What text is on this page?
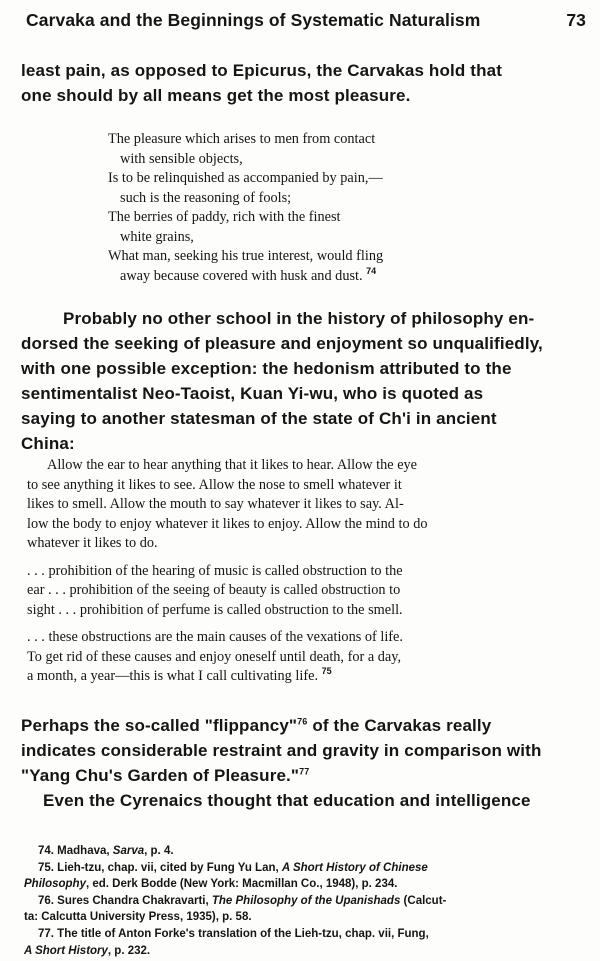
Carvaka and the Beginnings of Systematic Naturalism	73
least pain, as opposed to Epicurus, the Carvakas hold that
one should by all means get the most pleasure.
The pleasure which arises to men from contact
with sensible objects,
Is to be relinquished as accompanied by pain,—
such is the reasoning of fools;
The berries of paddy, rich with the finest
white grains,
What man, seeking his true interest, would fling
away because covered with husk and dust. $^{74}$
Probably no other school in the history of philosophy en-
dorsed the seeking of pleasure and enjoyment so unqualifiedly,
with one possible exception: the hedonism attributed to the
sentimentalist Neo-Taoist, Kuan Yi-wu, who is quoted as
saying to another statesman of the state of Ch'i in ancient
China:
Allow the ear to hear anything that it likes to hear. Allow the eye
to see anything it likes to see. Allow the nose to smell whatever it
likes to smell. Allow the mouth to say whatever it likes to say. Al-
low the body to enjoy whatever it likes to enjoy. Allow the mind to do
whatever it likes to do.
. . . prohibition of the hearing of music is called obstruction to the
ear . . . prohibition of the seeing of beauty is called obstruction to
sight . . . prohibition of perfume is called obstruction to the smell.
. . . these obstructions are the main causes of the vexations of life.
To get rid of these causes and enjoy oneself until death, for a day,
a month, a year—this is what I call cultivating life. $^{75}$
Perhaps the so-called "flippancy"$^{76}$ of the Carvakas really
indicates considerable restraint and gravity in comparison with
"Yang Chu's Garden of Pleasure."$^{77}$
Even the Cyrenaics thought that education and intelligence
74. Madhava, Sarva, p. 4.
75. Lieh-tzu, chap. vii, cited by Fung Yu Lan, A Short History of Chinese
Philosophy, ed. Derk Bodde (New York: Macmillan Co., 1948), p. 234.
76. Sures Chandra Chakravarti, The Philosophy of the Upanishads (Calcut-
ta: Calcutta University Press, 1935), p. 58.
77. The title of Anton Forke's translation of the Lieh-tzu, chap. vii, Fung,
A Short History, p. 232.
